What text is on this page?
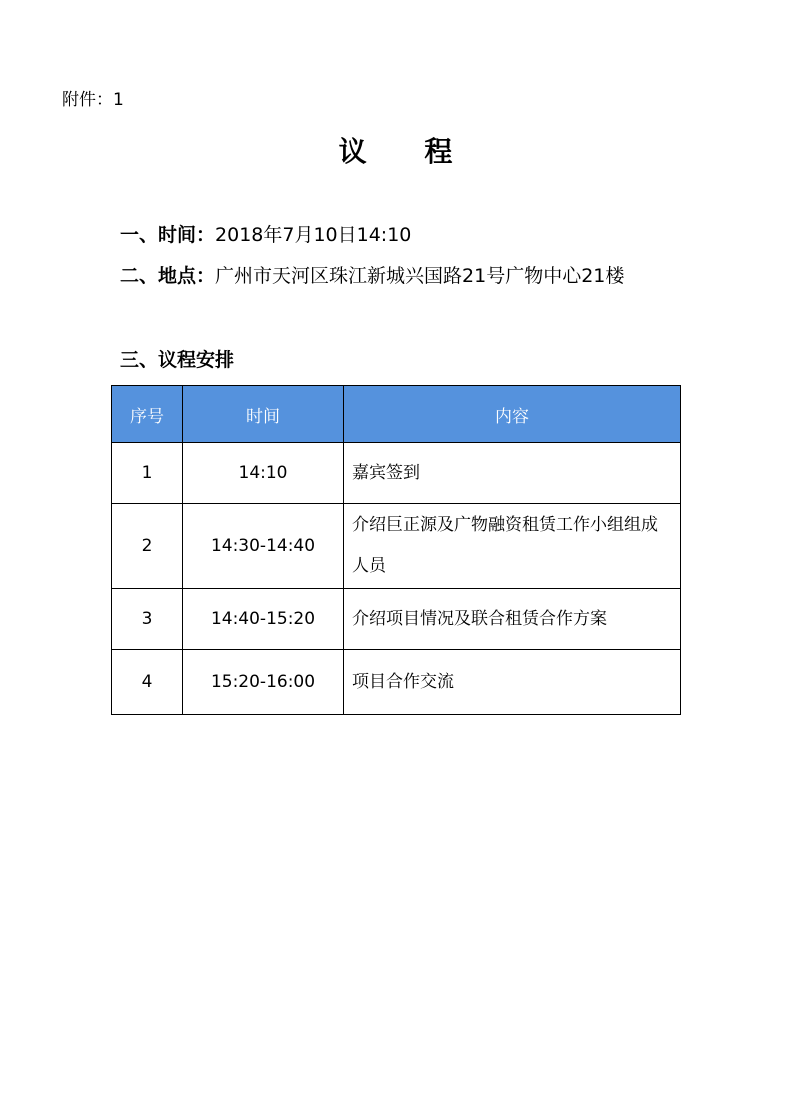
附件：1
议 程
一、时间：2018年7月10日14:10
二、地点：广州市天河区珠江新城兴国路21号广物中心21楼
三、议程安排
序号	时间	内容
1	14:10	嘉宾签到
2	14:30-14:40	介绍巨正源及广物融资租赁工作小组组成人员
3	14:40-15:20	介绍项目情况及联合租赁合作方案
4	15:20-16:00	项目合作交流
